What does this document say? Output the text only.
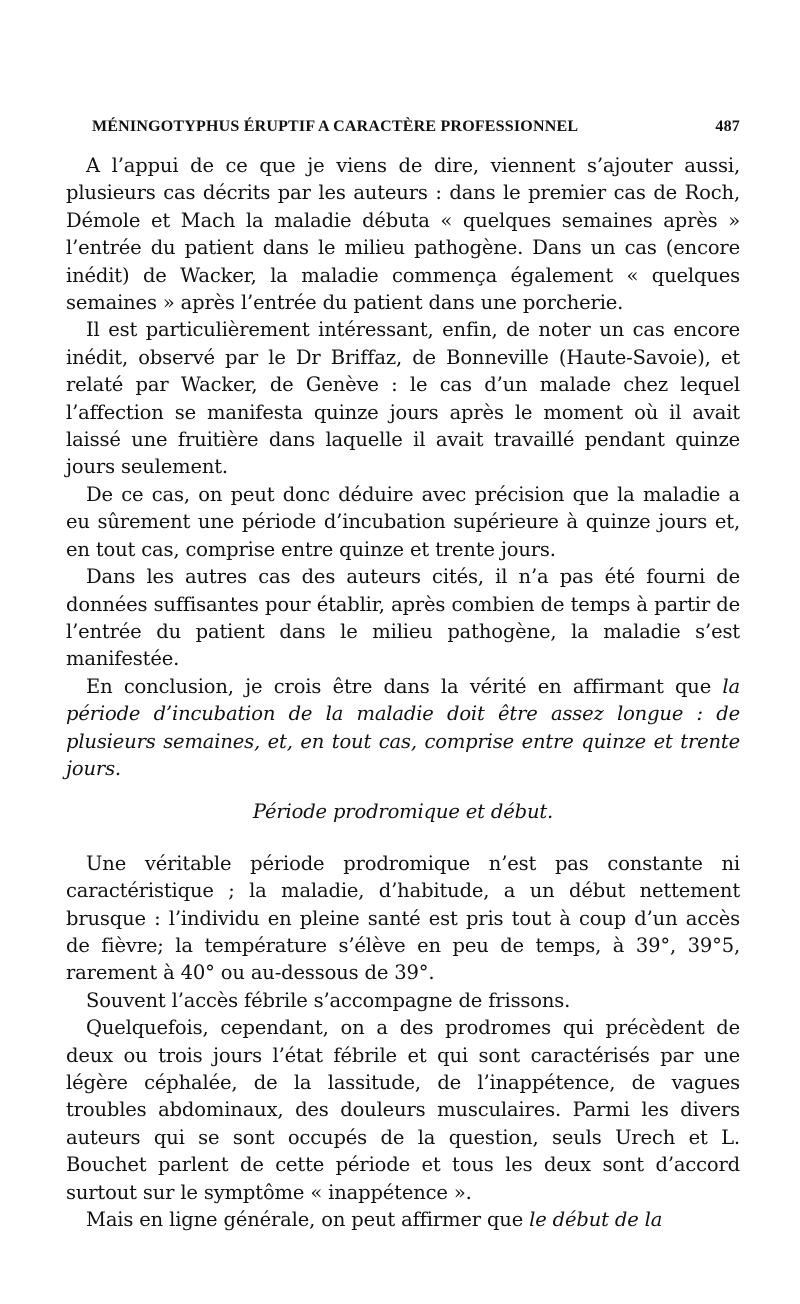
MÉNINGOTYPHUS ÉRUPTIF A CARACTÈRE PROFESSIONNEL	487

A l’appui de ce que je viens de dire, viennent s’ajouter aussi, plusieurs cas décrits par les auteurs : dans le premier cas de Roch, Démole et Mach la maladie débuta « quelques semaines après » l’entrée du patient dans le milieu pathogène. Dans un cas (encore inédit) de Wacker, la maladie commença également « quelques semaines » après l’entrée du patient dans une porcherie.

Il est particulièrement intéressant, enfin, de noter un cas encore inédit, observé par le Dr Briffaz, de Bonneville (Haute-Savoie), et relaté par Wacker, de Genève : le cas d’un malade chez lequel l’affection se manifesta quinze jours après le moment où il avait laissé une fruitière dans laquelle il avait travaillé pendant quinze jours seulement.

De ce cas, on peut donc déduire avec précision que la maladie a eu sûrement une période d’incubation supérieure à quinze jours et, en tout cas, comprise entre quinze et trente jours.

Dans les autres cas des auteurs cités, il n’a pas été fourni de données suffisantes pour établir, après combien de temps à partir de l’entrée du patient dans le milieu pathogène, la maladie s’est manifestée.

En conclusion, je crois être dans la vérité en affirmant que la période d’incubation de la maladie doit être assez longue : de plusieurs semaines, et, en tout cas, comprise entre quinze et trente jours.

Période prodromique et début.

Une véritable période prodromique n’est pas constante ni caractéristique ; la maladie, d’habitude, a un début nettement brusque : l’individu en pleine santé est pris tout à coup d’un accès de fièvre; la température s’élève en peu de temps, à 39°, 39°5, rarement à 40° ou au-dessous de 39°.

Souvent l’accès fébrile s’accompagne de frissons.

Quelquefois, cependant, on a des prodromes qui précèdent de deux ou trois jours l’état fébrile et qui sont caractérisés par une légère céphalée, de la lassitude, de l’inappétence, de vagues troubles abdominaux, des douleurs musculaires. Parmi les divers auteurs qui se sont occupés de la question, seuls Urech et L. Bouchet parlent de cette période et tous les deux sont d’accord surtout sur le symptôme « inappétence ».

Mais en ligne générale, on peut affirmer que le début de la
